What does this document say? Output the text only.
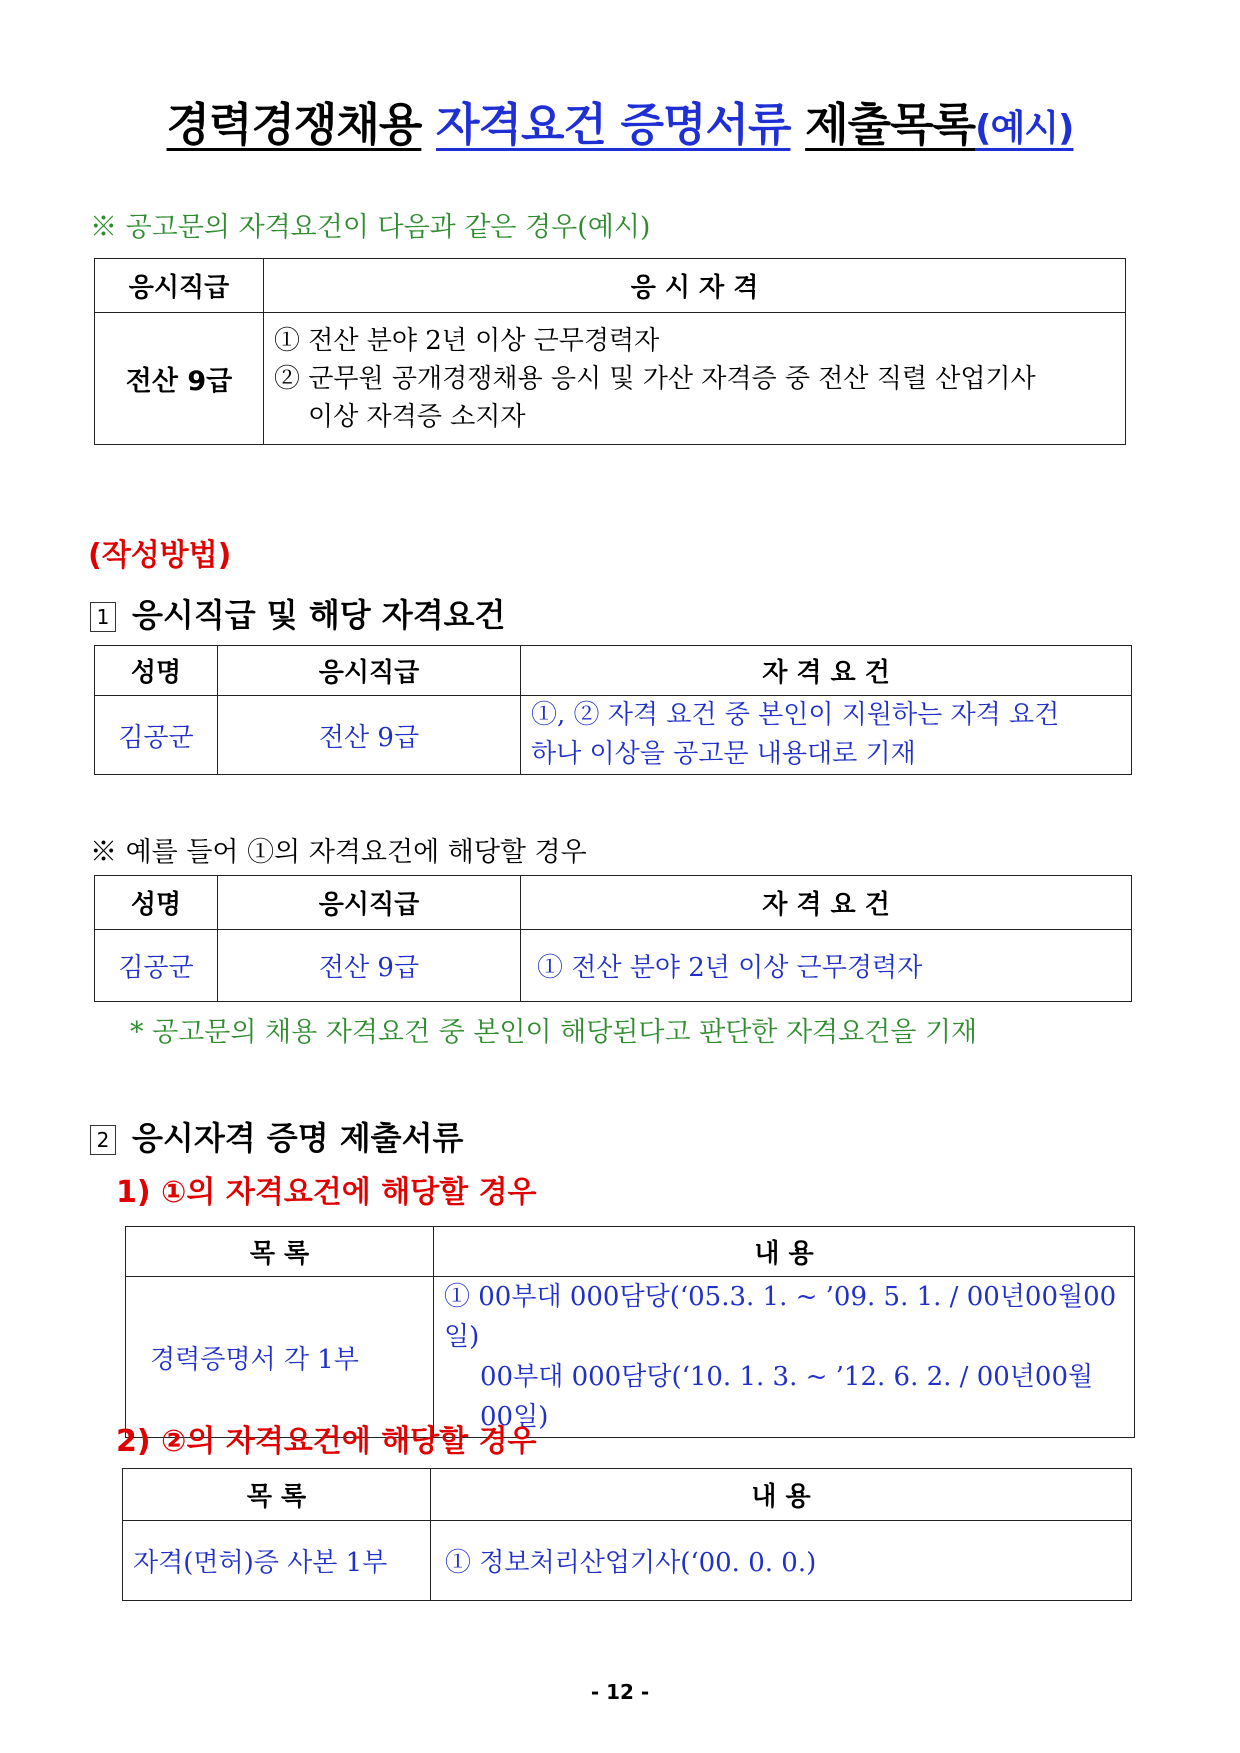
경력경쟁채용 자격요건 증명서류 제출목록(예시)
※ 공고문의 자격요건이 다음과 같은 경우(예시)
응시직급	응 시 자 격
전산 9급	① 전산 분야 2년 이상 근무경력자
② 군무원 공개경쟁채용 응시 및 가산 자격증 중 전산 직렬 산업기사
이상 자격증 소지자
(작성방법)
1 응시직급 및 해당 자격요건
성명	응시직급	자 격 요 건
김공군	전산 9급	①, ② 자격 요건 중 본인이 지원하는 자격 요건
하나 이상을 공고문 내용대로 기재
※ 예를 들어 ①의 자격요건에 해당할 경우
성명	응시직급	자 격 요 건
김공군	전산 9급	① 전산 분야 2년 이상 근무경력자
* 공고문의 채용 자격요건 중 본인이 해당된다고 판단한 자격요건을 기재
2 응시자격 증명 제출서류
1) ①의 자격요건에 해당할 경우
목 록	내 용
경력증명서 각 1부	① 00부대 000담당(‘05.3. 1. ~ ’09. 5. 1. / 00년00월00일)
00부대 000담당(‘10. 1. 3. ~ ’12. 6. 2. / 00년00월00일)
2) ②의 자격요건에 해당할 경우
목 록	내 용
자격(면허)증 사본 1부	① 정보처리산업기사(‘00. 0. 0.)
- 12 -
